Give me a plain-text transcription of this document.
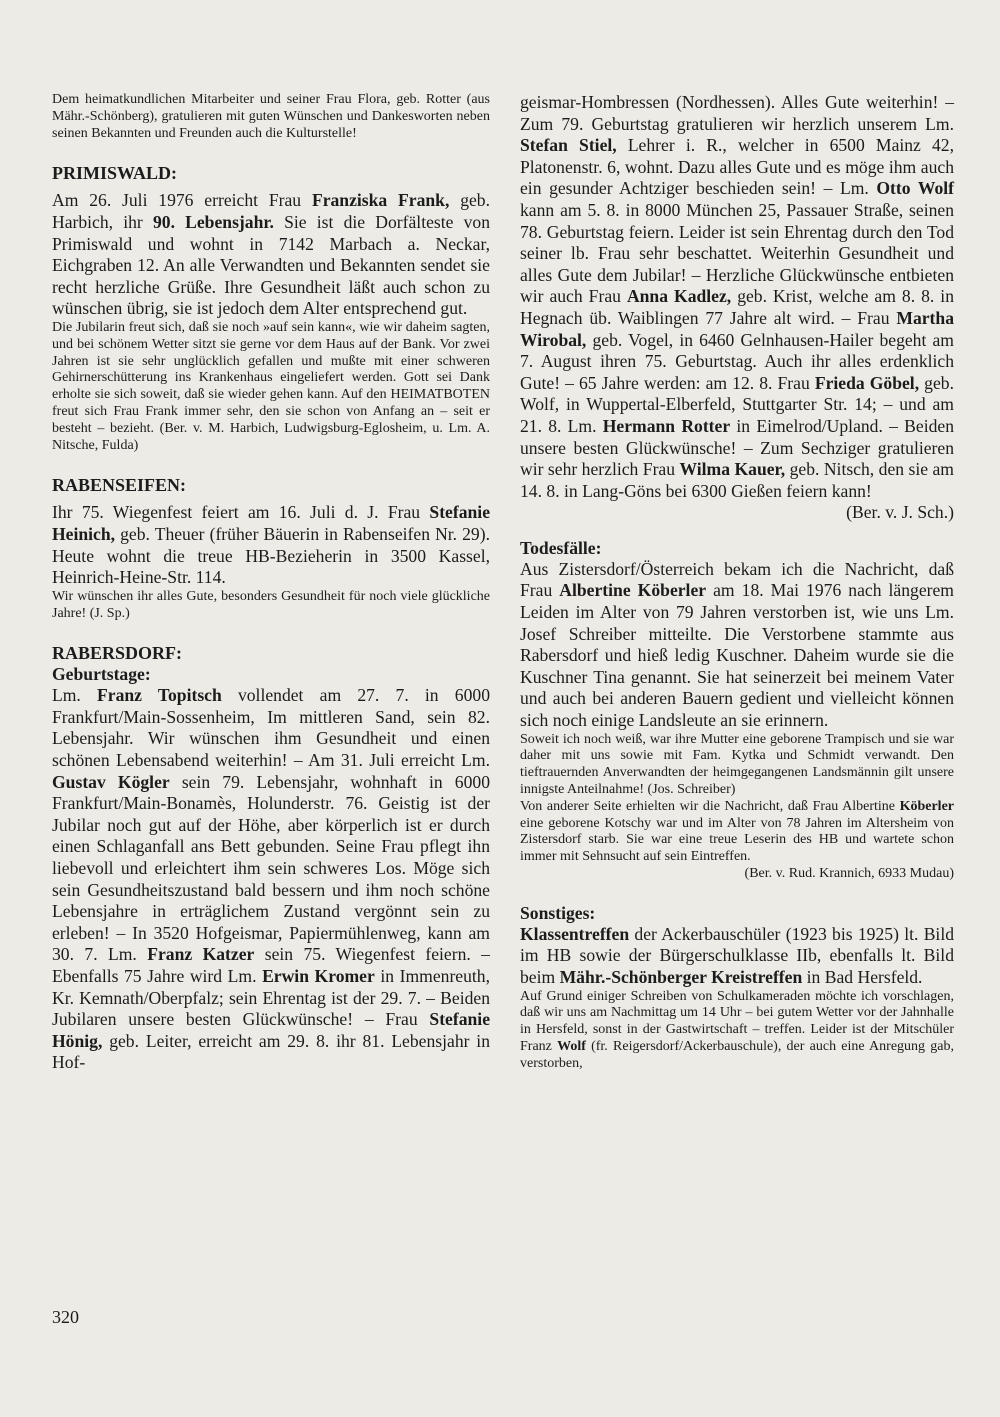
Dem heimatkundlichen Mitarbeiter und seiner Frau Flora, geb. Rotter (aus Mähr.-Schönberg), gratulieren mit guten Wünschen und Dankesworten neben seinen Bekannten und Freunden auch die Kulturstelle!

PRIMISWALD:

Am 26. Juli 1976 erreicht Frau Franziska Frank, geb. Harbich, ihr 90. Lebensjahr. Sie ist die Dorfälteste von Primiswald und wohnt in 7142 Marbach a. Neckar, Eichgraben 12. An alle Verwandten und Bekannten sendet sie recht herzliche Grüße. Ihre Gesundheit läßt auch schon zu wünschen übrig, sie ist jedoch dem Alter entsprechend gut.

Die Jubilarin freut sich, daß sie noch »auf sein kann«, wie wir daheim sagten, und bei schönem Wetter sitzt sie gerne vor dem Haus auf der Bank. Vor zwei Jahren ist sie sehr unglücklich gefallen und mußte mit einer schweren Gehirnerschütterung ins Krankenhaus eingeliefert werden. Gott sei Dank erholte sie sich soweit, daß sie wieder gehen kann. Auf den HEIMATBOTEN freut sich Frau Frank immer sehr, den sie schon von Anfang an – seit er besteht – bezieht. (Ber. v. M. Harbich, Ludwigsburg-Eglosheim, u. Lm. A. Nitsche, Fulda)

RABENSEIFEN:

Ihr 75. Wiegenfest feiert am 16. Juli d. J. Frau Stefanie Heinich, geb. Theuer (früher Bäuerin in Rabenseifen Nr. 29). Heute wohnt die treue HB-Bezieherin in 3500 Kassel, Heinrich-Heine-Str. 114.

Wir wünschen ihr alles Gute, besonders Gesundheit für noch viele glückliche Jahre! (J. Sp.)

RABERSDORF:
Geburtstage:

Lm. Franz Topitsch vollendet am 27. 7. in 6000 Frankfurt/Main-Sossenheim, Im mittleren Sand, sein 82. Lebensjahr. Wir wünschen ihm Gesundheit und einen schönen Lebensabend weiterhin! – Am 31. Juli erreicht Lm. Gustav Kögler sein 79. Lebensjahr, wohnhaft in 6000 Frankfurt/Main-Bonamès, Holunderstr. 76. Geistig ist der Jubilar noch gut auf der Höhe, aber körperlich ist er durch einen Schlaganfall ans Bett gebunden. Seine Frau pflegt ihn liebevoll und erleichtert ihm sein schweres Los. Möge sich sein Gesundheitszustand bald bessern und ihm noch schöne Lebensjahre in erträglichem Zustand vergönnt sein zu erleben! – In 3520 Hofgeismar, Papiermühlenweg, kann am 30. 7. Lm. Franz Katzer sein 75. Wiegenfest feiern. – Ebenfalls 75 Jahre wird Lm. Erwin Kromer in Immenreuth, Kr. Kemnath/Oberpfalz; sein Ehrentag ist der 29. 7. – Beiden Jubilaren unsere besten Glückwünsche! – Frau Stefanie Hönig, geb. Leiter, erreicht am 29. 8. ihr 81. Lebensjahr in Hof-

geismar-Hombressen (Nordhessen). Alles Gute weiterhin! – Zum 79. Geburtstag gratulieren wir herzlich unserem Lm. Stefan Stiel, Lehrer i. R., welcher in 6500 Mainz 42, Platonenstr. 6, wohnt. Dazu alles Gute und es möge ihm auch ein gesunder Achtziger beschieden sein! – Lm. Otto Wolf kann am 5. 8. in 8000 München 25, Passauer Straße, seinen 78. Geburtstag feiern. Leider ist sein Ehrentag durch den Tod seiner lb. Frau sehr beschattet. Weiterhin Gesundheit und alles Gute dem Jubilar! – Herzliche Glückwünsche entbieten wir auch Frau Anna Kadlez, geb. Krist, welche am 8. 8. in Hegnach üb. Waiblingen 77 Jahre alt wird. – Frau Martha Wirobal, geb. Vogel, in 6460 Gelnhausen-Hailer begeht am 7. August ihren 75. Geburtstag. Auch ihr alles erdenklich Gute! – 65 Jahre werden: am 12. 8. Frau Frieda Göbel, geb. Wolf, in Wuppertal-Elberfeld, Stuttgarter Str. 14; – und am 21. 8. Lm. Hermann Rotter in Eimelrod/Upland. – Beiden unsere besten Glückwünsche! – Zum Sechziger gratulieren wir sehr herzlich Frau Wilma Kauer, geb. Nitsch, den sie am 14. 8. in Lang-Göns bei 6300 Gießen feiern kann!

(Ber. v. J. Sch.)

Todesfälle:

Aus Zistersdorf/Österreich bekam ich die Nachricht, daß Frau Albertine Köberler am 18. Mai 1976 nach längerem Leiden im Alter von 79 Jahren verstorben ist, wie uns Lm. Josef Schreiber mitteilte. Die Verstorbene stammte aus Rabersdorf und hieß ledig Kuschner. Daheim wurde sie die Kuschner Tina genannt. Sie hat seinerzeit bei meinem Vater und auch bei anderen Bauern gedient und vielleicht können sich noch einige Landsleute an sie erinnern.

Soweit ich noch weiß, war ihre Mutter eine geborene Trampisch und sie war daher mit uns sowie mit Fam. Kytka und Schmidt verwandt. Den tieftrauernden Anverwandten der heimgegangenen Landsmännin gilt unsere innigste Anteilnahme! (Jos. Schreiber)

Von anderer Seite erhielten wir die Nachricht, daß Frau Albertine Köberler eine geborene Kotschy war und im Alter von 78 Jahren im Altersheim von Zistersdorf starb. Sie war eine treue Leserin des HB und wartete schon immer mit Sehnsucht auf sein Eintreffen.

(Ber. v. Rud. Krannich, 6933 Mudau)

Sonstiges:

Klassentreffen der Ackerbauschüler (1923 bis 1925) lt. Bild im HB sowie der Bürgerschulklasse IIb, ebenfalls lt. Bild beim Mähr.-Schönberger Kreistreffen in Bad Hersfeld.

Auf Grund einiger Schreiben von Schulkameraden möchte ich vorschlagen, daß wir uns am Nachmittag um 14 Uhr – bei gutem Wetter vor der Jahnhalle in Hersfeld, sonst in der Gastwirtschaft – treffen. Leider ist der Mitschüler Franz Wolf (fr. Reigersdorf/Ackerbauschule), der auch eine Anregung gab, verstorben,

320
